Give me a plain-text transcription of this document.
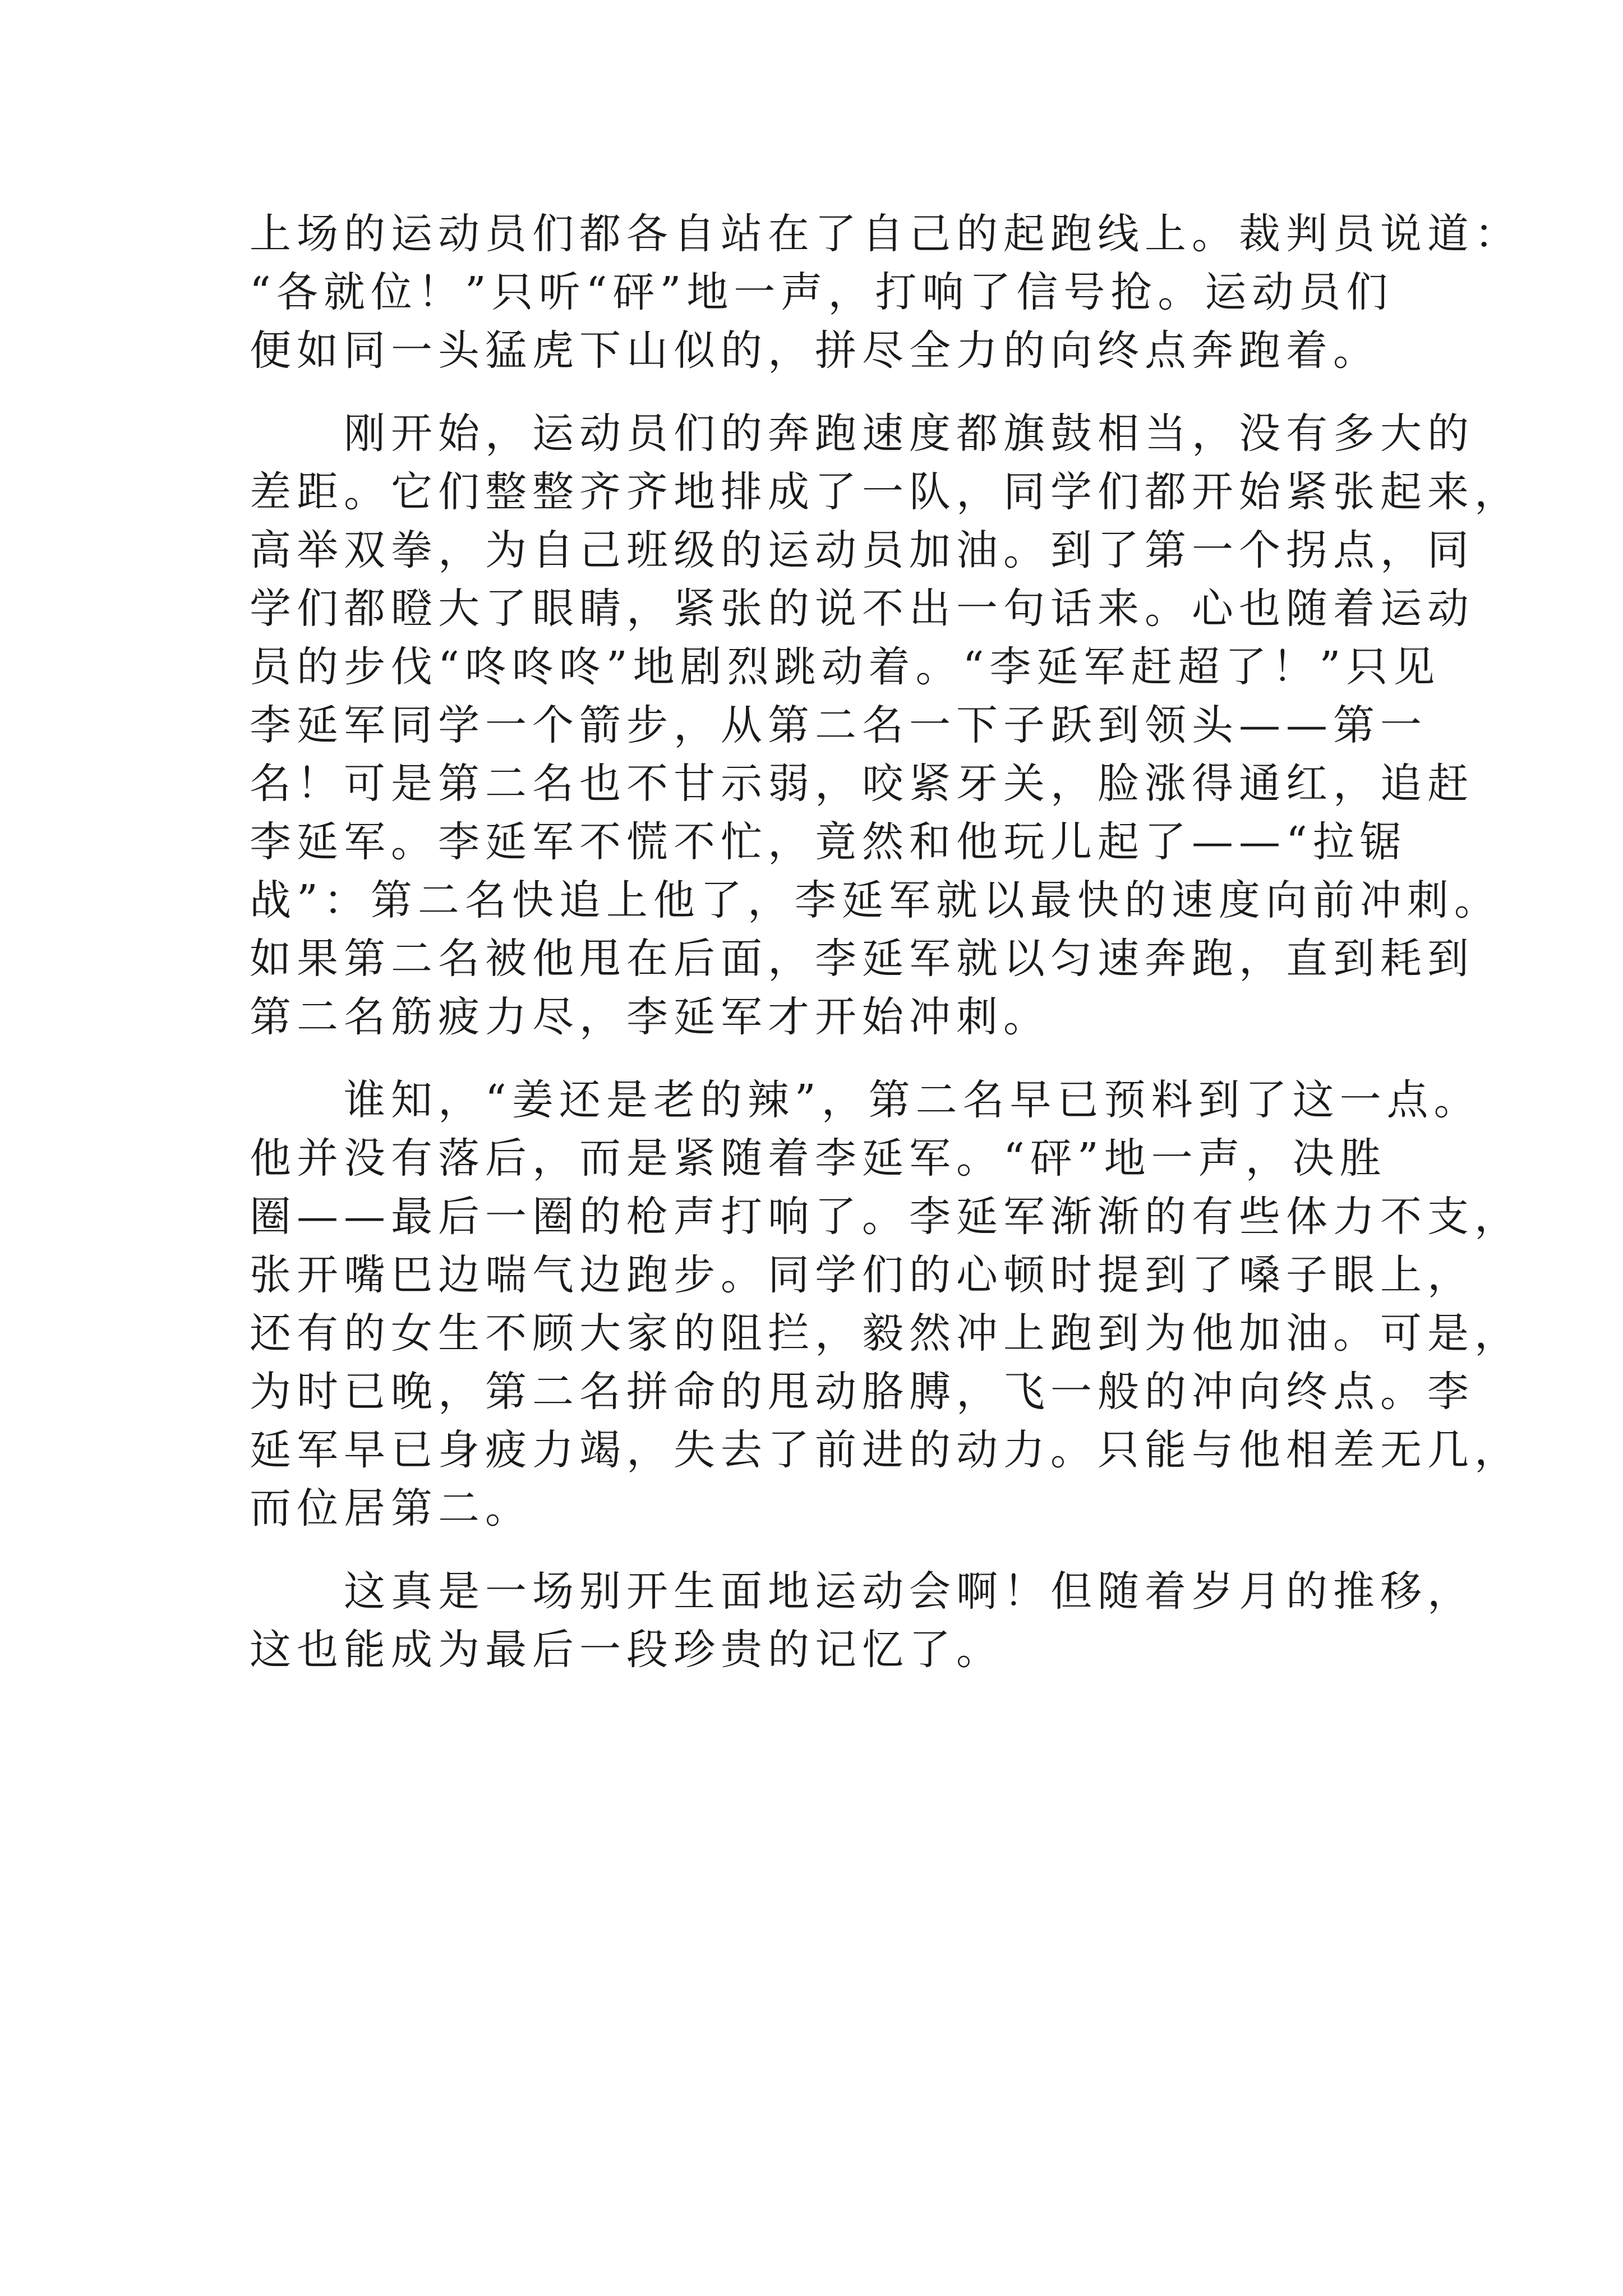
上场的运动员们都各自站在了自己的起跑线上。裁判员说道：
“各就位！”只听“砰”地一声，打响了信号抢。运动员们
便如同一头猛虎下山似的，拼尽全力的向终点奔跑着。
　　刚开始，运动员们的奔跑速度都旗鼓相当，没有多大的
差距。它们整整齐齐地排成了一队，同学们都开始紧张起来，
高举双拳，为自己班级的运动员加油。到了第一个拐点，同
学们都瞪大了眼睛，紧张的说不出一句话来。心也随着运动
员的步伐“咚咚咚”地剧烈跳动着。“李延军赶超了！”只见
李延军同学一个箭步，从第二名一下子跃到领头——第一
名！可是第二名也不甘示弱，咬紧牙关，脸涨得通红，追赶
李延军。李延军不慌不忙，竟然和他玩儿起了——“拉锯
战”：第二名快追上他了，李延军就以最快的速度向前冲刺。
如果第二名被他甩在后面，李延军就以匀速奔跑，直到耗到
第二名筋疲力尽，李延军才开始冲刺。
　　谁知，“姜还是老的辣”，第二名早已预料到了这一点。
他并没有落后，而是紧随着李延军。“砰”地一声，决胜
圈——最后一圈的枪声打响了。李延军渐渐的有些体力不支，
张开嘴巴边喘气边跑步。同学们的心顿时提到了嗓子眼上，
还有的女生不顾大家的阻拦，毅然冲上跑到为他加油。可是，
为时已晚，第二名拼命的甩动胳膊，飞一般的冲向终点。李
延军早已身疲力竭，失去了前进的动力。只能与他相差无几，
而位居第二。
　　这真是一场别开生面地运动会啊！但随着岁月的推移，
这也能成为最后一段珍贵的记忆了。
